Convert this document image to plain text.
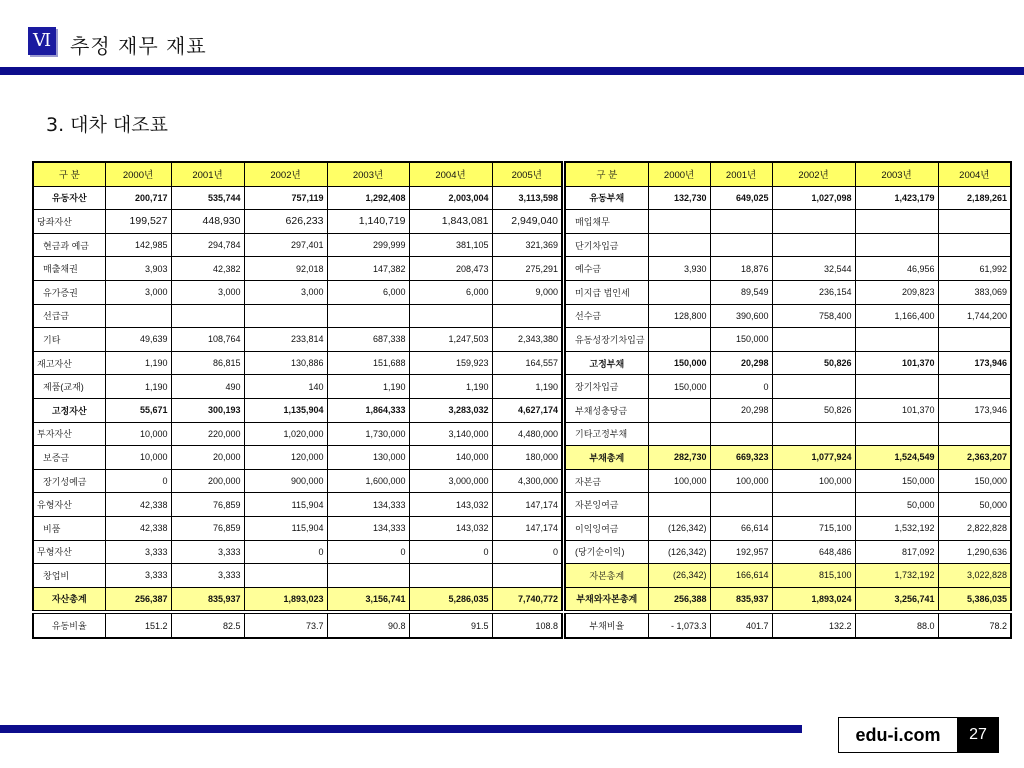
Ⅵ 추정 재무 재표
3. 대차 대조표
구 분	2000년	2001년	2002년	2003년	2004년	2005년
유동자산	200,717	535,744	757,119	1,292,408	2,003,004	3,113,598
당좌자산	199,527	448,930	626,233	1,140,719	1,843,081	2,949,040
현금과 예금	142,985	294,784	297,401	299,999	381,105	321,369
매출채권	3,903	42,382	92,018	147,382	208,473	275,291
유가증권	3,000	3,000	3,000	6,000	6,000	9,000
선급금						
기타	49,639	108,764	233,814	687,338	1,247,503	2,343,380
재고자산	1,190	86,815	130,886	151,688	159,923	164,557
제품(교재)	1,190	490	140	1,190	1,190	1,190
고정자산	55,671	300,193	1,135,904	1,864,333	3,283,032	4,627,174
투자자산	10,000	220,000	1,020,000	1,730,000	3,140,000	4,480,000
보증금	10,000	20,000	120,000	130,000	140,000	180,000
장기성예금	0	200,000	900,000	1,600,000	3,000,000	4,300,000
유형자산	42,338	76,859	115,904	134,333	143,032	147,174
비품	42,338	76,859	115,904	134,333	143,032	147,174
무형자산	3,333	3,333	0	0	0	0
창업비	3,333	3,333				
자산총계	256,387	835,937	1,893,023	3,156,741	5,286,035	7,740,772
유동비율	151.2	82.5	73.7	90.8	91.5	108.8
구 분	2000년	2001년	2002년	2003년	2004년
유동부채	132,730	649,025	1,027,098	1,423,179	2,189,261
매입채무					
단기차입금					
예수금	3,930	18,876	32,544	46,956	61,992
미지급 법인세		89,549	236,154	209,823	383,069
선수금	128,800	390,600	758,400	1,166,400	1,744,200
유동성장기차입금		150,000			
고정부채	150,000	20,298	50,826	101,370	173,946
장기차입금	150,000	0			
부채성충당금		20,298	50,826	101,370	173,946
기타고정부채					
부채총계	282,730	669,323	1,077,924	1,524,549	2,363,207
자본금	100,000	100,000	100,000	150,000	150,000
자본잉여금				50,000	50,000
이익잉여금	(126,342)	66,614	715,100	1,532,192	2,822,828
(당기순이익)	(126,342)	192,957	648,486	817,092	1,290,636
자본총계	(26,342)	166,614	815,100	1,732,192	3,022,828
부채와자본총계	256,388	835,937	1,893,024	3,256,741	5,386,035
부채비율	- 1,073.3	401.7	132.2	88.0	78.2
edu-i.com	27
